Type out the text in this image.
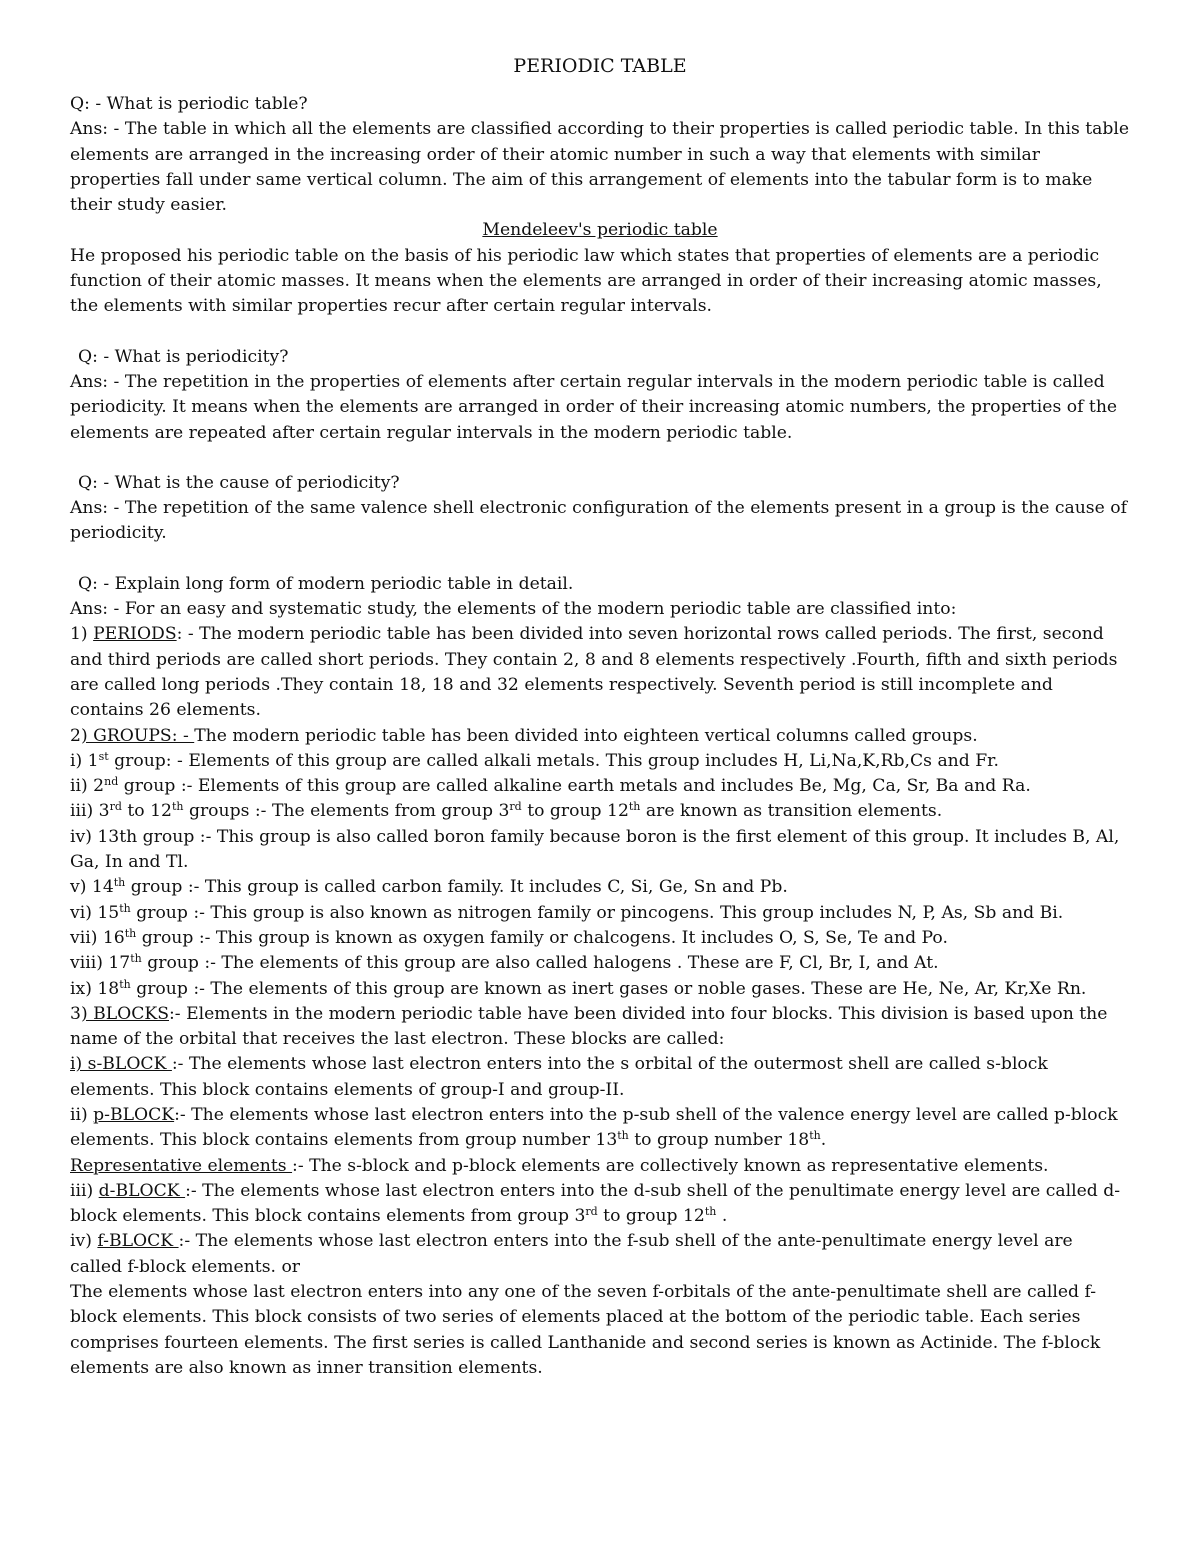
PERIODIC TABLE

Q: - What is periodic table?

Ans: - The table in which all the elements are classified according to their properties is called periodic table. In this table elements are arranged in the increasing order of their atomic number in such a way that elements with similar properties fall under same vertical column. The aim of this arrangement of elements into the tabular form is to make their study easier.

Mendeleev's periodic table

He proposed his periodic table on the basis of his periodic law which states that properties of elements are a periodic function of their atomic masses. It means when the elements are arranged in order of their increasing atomic masses, the elements with similar properties recur after certain regular intervals.

Q: - What is periodicity?

Ans: - The repetition in the properties of elements after certain regular intervals in the modern periodic table is called periodicity. It means when the elements are arranged in order of their increasing atomic numbers, the properties of the elements are repeated after certain regular intervals in the modern periodic table.

Q: - What is the cause of periodicity?

Ans: - The repetition of the same valence shell electronic configuration of the elements present in a group is the cause of periodicity.

Q: - Explain long form of modern periodic table in detail.

Ans: - For an easy and systematic study, the elements of the modern periodic table are classified into:

1) PERIODS: - The modern periodic table has been divided into seven horizontal rows called periods. The first, second and third periods are called short periods. They contain 2, 8 and 8 elements respectively .Fourth, fifth and sixth periods are called long periods .They contain 18, 18 and 32 elements respectively. Seventh period is still incomplete and contains 26 elements.

2) GROUPS: - The modern periodic table has been divided into eighteen vertical columns called groups.

i) 1st group: - Elements of this group are called alkali metals. This group includes H, Li,Na,K,Rb,Cs and Fr.

ii) 2nd group :- Elements of this group are called alkaline earth metals and includes Be, Mg, Ca, Sr, Ba and Ra.

iii) 3rd to 12th groups :- The elements from group 3rd to group 12th are known as transition elements.

iv) 13th group :- This group is also called boron family because boron is the first element of this group. It includes B, Al, Ga, In and Tl.

v) 14th group :- This group is called carbon family. It includes C, Si, Ge, Sn and Pb.

vi) 15th group :- This group is also known as nitrogen family or pincogens. This group includes N, P, As, Sb and Bi.

vii) 16th group :- This group is known as oxygen family or chalcogens. It includes O, S, Se, Te and Po.

viii) 17th group :- The elements of this group are also called halogens . These are F, Cl, Br, I, and At.

ix) 18th group :- The elements of this group are known as inert gases or noble gases. These are He, Ne, Ar, Kr,Xe Rn.

3) BLOCKS:- Elements in the modern periodic table have been divided into four blocks. This division is based upon the name of the orbital that receives the last electron. These blocks are called:

i) s-BLOCK :- The elements whose last electron enters into the s orbital of the outermost shell are called s-block elements. This block contains elements of group-I and group-II.

ii) p-BLOCK:- The elements whose last electron enters into the p-sub shell of the valence energy level are called p-block elements. This block contains elements from group number 13th to group number 18th.

Representative elements :- The s-block and p-block elements are collectively known as representative elements.

iii) d-BLOCK :- The elements whose last electron enters into the d-sub shell of the penultimate energy level are called d-block elements. This block contains elements from group 3rd to group 12th .

iv) f-BLOCK :- The elements whose last electron enters into the f-sub shell of the ante-penultimate energy level are called f-block elements. or

The elements whose last electron enters into any one of the seven f-orbitals of the ante-penultimate shell are called f-block elements. This block consists of two series of elements placed at the bottom of the periodic table. Each series comprises fourteen elements. The first series is called Lanthanide and second series is known as Actinide. The f-block elements are also known as inner transition elements.
